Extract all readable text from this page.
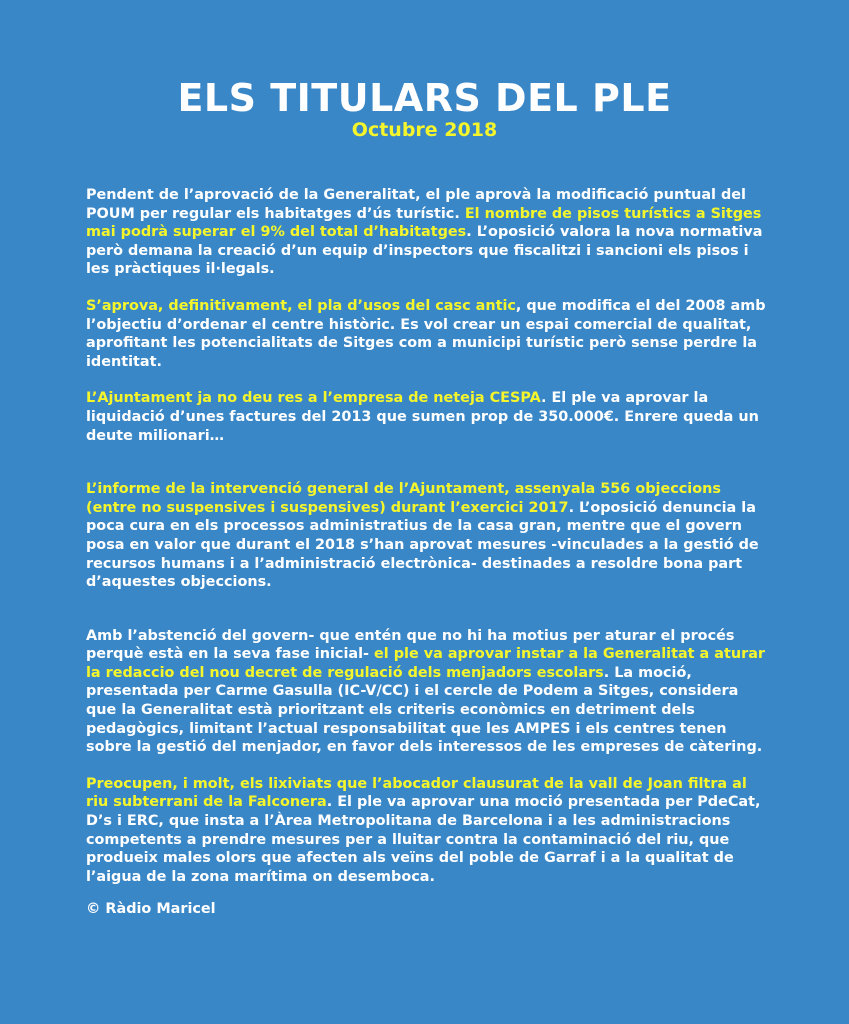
ELS TITULARS DEL PLE
Octubre 2018

Pendent de l’aprovació de la Generalitat, el ple aprovà la modificació puntual del POUM per regular els habitatges d’ús turístic. El nombre de pisos turístics a Sitges mai podrà superar el 9% del total d’habitatges. L’oposició valora la nova normativa però demana la creació d’un equip d’inspectors que fiscalitzi i sancioni els pisos i les pràctiques il·legals.

S’aprova, definitivament, el pla d’usos del casc antic, que modifica el del 2008 amb l’objectiu d’ordenar el centre històric. Es vol crear un espai comercial de qualitat, aprofitant les potencialitats de Sitges com a municipi turístic però sense perdre la identitat.

L’Ajuntament ja no deu res a l’empresa de neteja CESPA. El ple va aprovar la liquidació d’unes factures del 2013 que sumen prop de 350.000€. Enrere queda un deute milionari…

L’informe de la intervenció general de l’Ajuntament, assenyala 556 objeccions (entre no suspensives i suspensives) durant l’exercici 2017. L’oposició denuncia la poca cura en els processos administratius de la casa gran, mentre que el govern posa en valor que durant el 2018 s’han aprovat mesures -vinculades a la gestió de recursos humans i a l’administració electrònica- destinades a resoldre bona part d’aquestes objeccions.

Amb l’abstenció del govern- que entén que no hi ha motius per aturar el procés perquè està en la seva fase inicial- el ple va aprovar instar a la Generalitat a aturar la redaccio del nou decret de regulació dels menjadors escolars. La moció, presentada per Carme Gasulla (IC-V/CC) i el cercle de Podem a Sitges, considera que la Generalitat està prioritzant els criteris econòmics en detriment dels pedagògics, limitant l’actual responsabilitat que les AMPES i els centres tenen sobre la gestió del menjador, en favor dels interessos de les empreses de càtering.

Preocupen, i molt, els lixiviats que l’abocador clausurat de la vall de Joan filtra al riu subterrani de la Falconera. El ple va aprovar una moció presentada per PdeCat, D’s i ERC, que insta a l’Àrea Metropolitana de Barcelona i a les administracions competents a prendre mesures per a lluitar contra la contaminació del riu, que produeix males olors que afecten als veïns del poble de Garraf i a la qualitat de l’aigua de la zona marítima on desemboca.

© Ràdio Maricel
